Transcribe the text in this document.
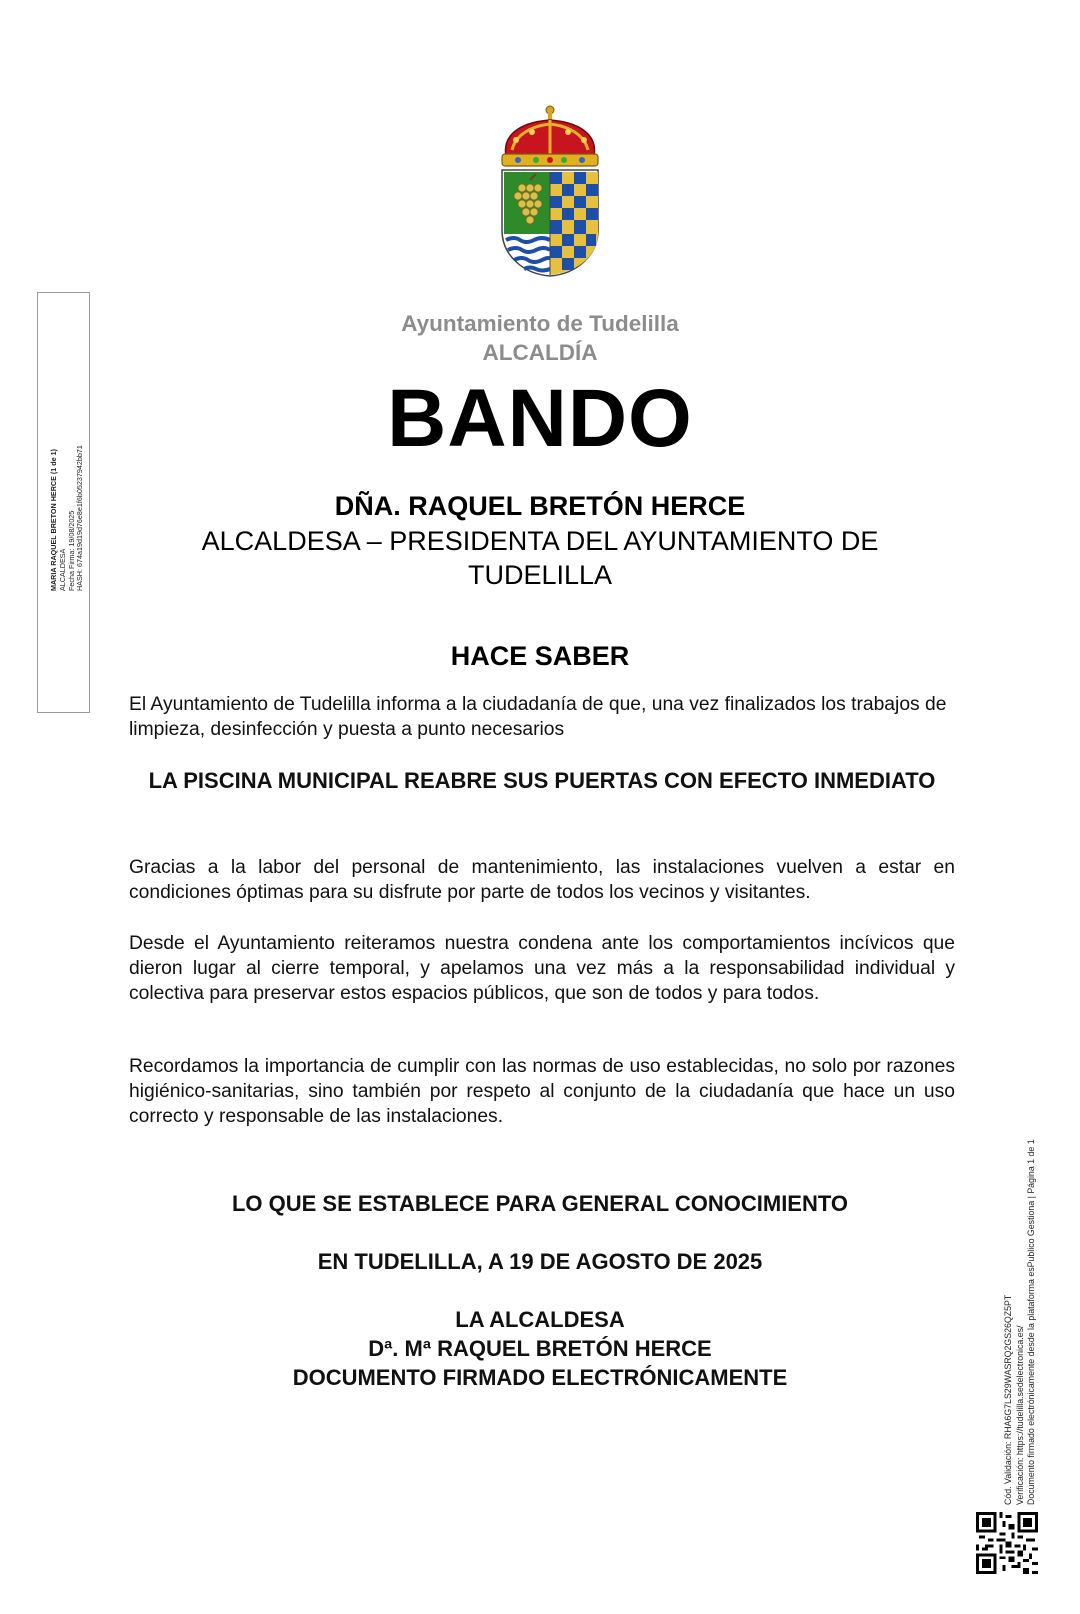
MARIA RAQUEL BRETON HERCE (1 de 1) ALCALDESA Fecha Firma: 19/08/2025 HASH: 674a19d19d76e8e1f6b05237942bb71
Ayuntamiento de Tudelilla
ALCALDÍA
BANDO
DÑA. RAQUEL BRETÓN HERCE
ALCALDESA – PRESIDENTA DEL AYUNTAMIENTO DE TUDELILLA
HACE SABER
El Ayuntamiento de Tudelilla informa a la ciudadanía de que, una vez finalizados los trabajos de limpieza, desinfección y puesta a punto necesarios
LA PISCINA MUNICIPAL REABRE SUS PUERTAS CON EFECTO INMEDIATO
Gracias a la labor del personal de mantenimiento, las instalaciones vuelven a estar en condiciones óptimas para su disfrute por parte de todos los vecinos y visitantes.
Desde el Ayuntamiento reiteramos nuestra condena ante los comportamientos incívicos que dieron lugar al cierre temporal, y apelamos una vez más a la responsabilidad individual y colectiva para preservar estos espacios públicos, que son de todos y para todos.
Recordamos la importancia de cumplir con las normas de uso establecidas, no solo por razones higiénico-sanitarias, sino también por respeto al conjunto de la ciudadanía que hace un uso correcto y responsable de las instalaciones.
LO QUE SE ESTABLECE PARA GENERAL CONOCIMIENTO
EN TUDELILLA, A 19 DE AGOSTO DE 2025
LA ALCALDESA
Dª. Mª RAQUEL BRETÓN HERCE
DOCUMENTO FIRMADO ELECTRÓNICAMENTE	Cód. Validación: RHA6G7LS29WASRQ2GS26QZ5PT Verificación: https://tudelilla.sedelectronica.es/ Documento firmado electrónicamente desde la plataforma esPublico Gestiona | Página 1 de 1
